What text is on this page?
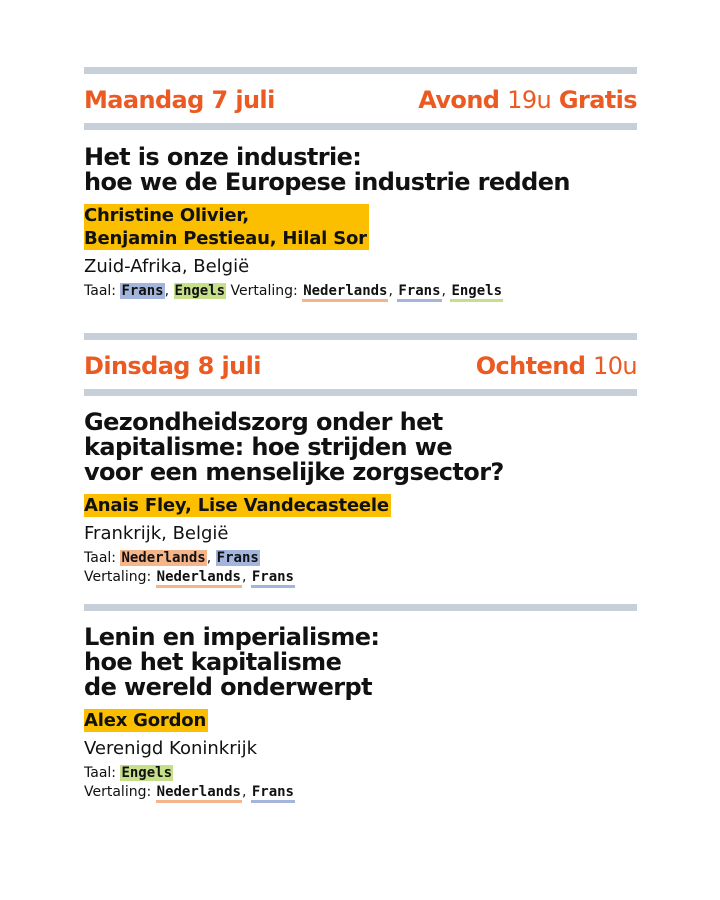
Maandag 7 juli	Avond 19u Gratis
Het is onze industrie:
hoe we de Europese industrie redden
Christine Olivier,
Benjamin Pestieau, Hilal Sor
Zuid-Afrika, België
Taal: Frans, Engels Vertaling: Nederlands, Frans, Engels
Dinsdag 8 juli	Ochtend 10u
Gezondheidszorg onder het
kapitalisme: hoe strijden we
voor een menselijke zorgsector?
Anais Fley, Lise Vandecasteele
Frankrijk, België
Taal: Nederlands, Frans
Vertaling: Nederlands, Frans
Lenin en imperialisme:
hoe het kapitalisme
de wereld onderwerpt
Alex Gordon
Verenigd Koninkrijk
Taal: Engels
Vertaling: Nederlands, Frans
